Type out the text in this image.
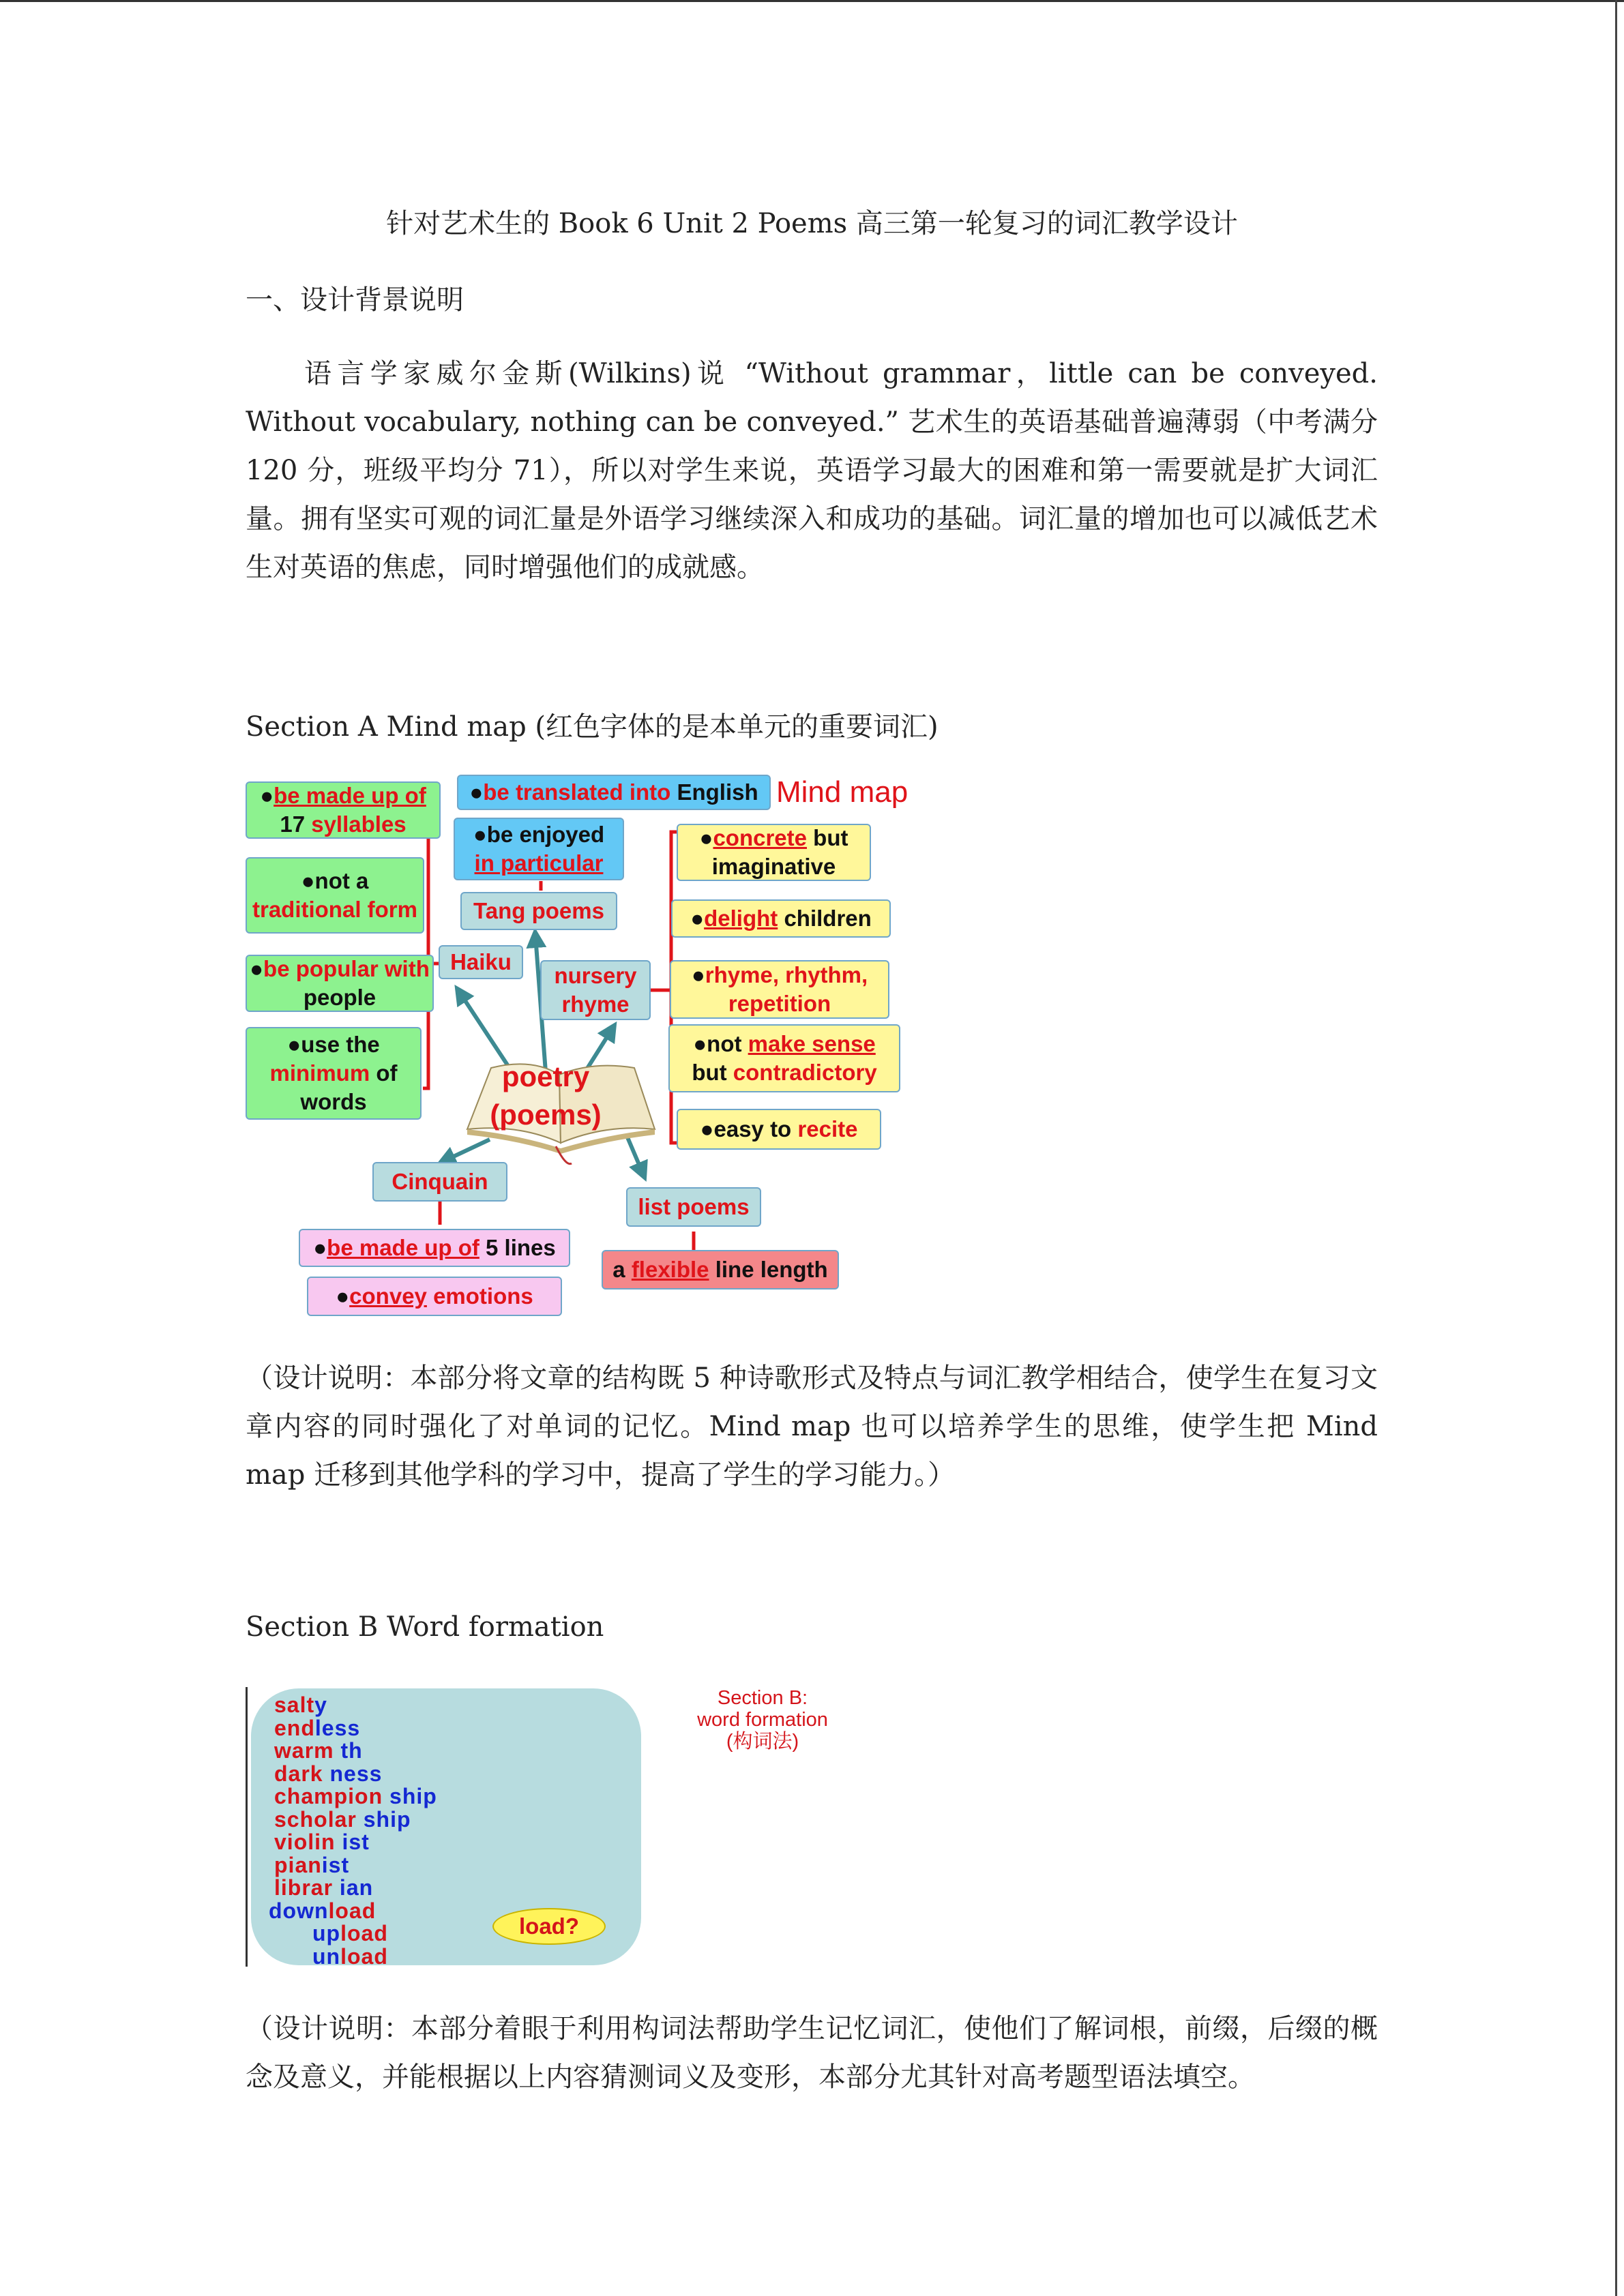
针对艺术生的 Book 6 Unit 2 Poems 高三第一轮复习的词汇教学设计
一、设计背景说明
语言学家威尔金斯(Wilkins)说 “Without grammar，little can be conveyed. Without vocabulary, nothing can be conveyed.” 艺术生的英语基础普遍薄弱（中考满分 120 分，班级平均分 71），所以对学生来说，英语学习最大的困难和第一需要就是扩大词汇量。拥有坚实可观的词汇量是外语学习继续深入和成功的基础。词汇量的增加也可以减低艺术生对英语的焦虑，同时增强他们的成就感。
Section A Mind map (红色字体的是本单元的重要词汇)
Mind map
poetry
(poems)
Haiku
●be made up of
17 syllables
●not a
traditional form
●be popular with
people
●use the
minimum of
words
●be translated into English
●be enjoyed
in particular
Tang poems
nursery
rhyme
●concrete but
imaginative
●delight children
●rhyme, rhythm,
repetition
●not make sense
but contradictory
●easy to recite
Cinquain
●be made up of 5 lines
●convey emotions
list poems
a flexible line length
（设计说明：本部分将文章的结构既 5 种诗歌形式及特点与词汇教学相结合，使学生在复习文章内容的同时强化了对单词的记忆。Mind map 也可以培养学生的思维，使学生把 Mind map 迁移到其他学科的学习中，提高了学生的学习能力。）
Section B Word formation
salty
endless
warm th
dark ness
champion ship
scholar ship
violin ist
pianist
librar ian
download
upload
unload
load?
Section B:
word formation
(构词法)
（设计说明：本部分着眼于利用构词法帮助学生记忆词汇，使他们了解词根，前缀，后缀的概念及意义，并能根据以上内容猜测词义及变形，本部分尤其针对高考题型语法填空。
